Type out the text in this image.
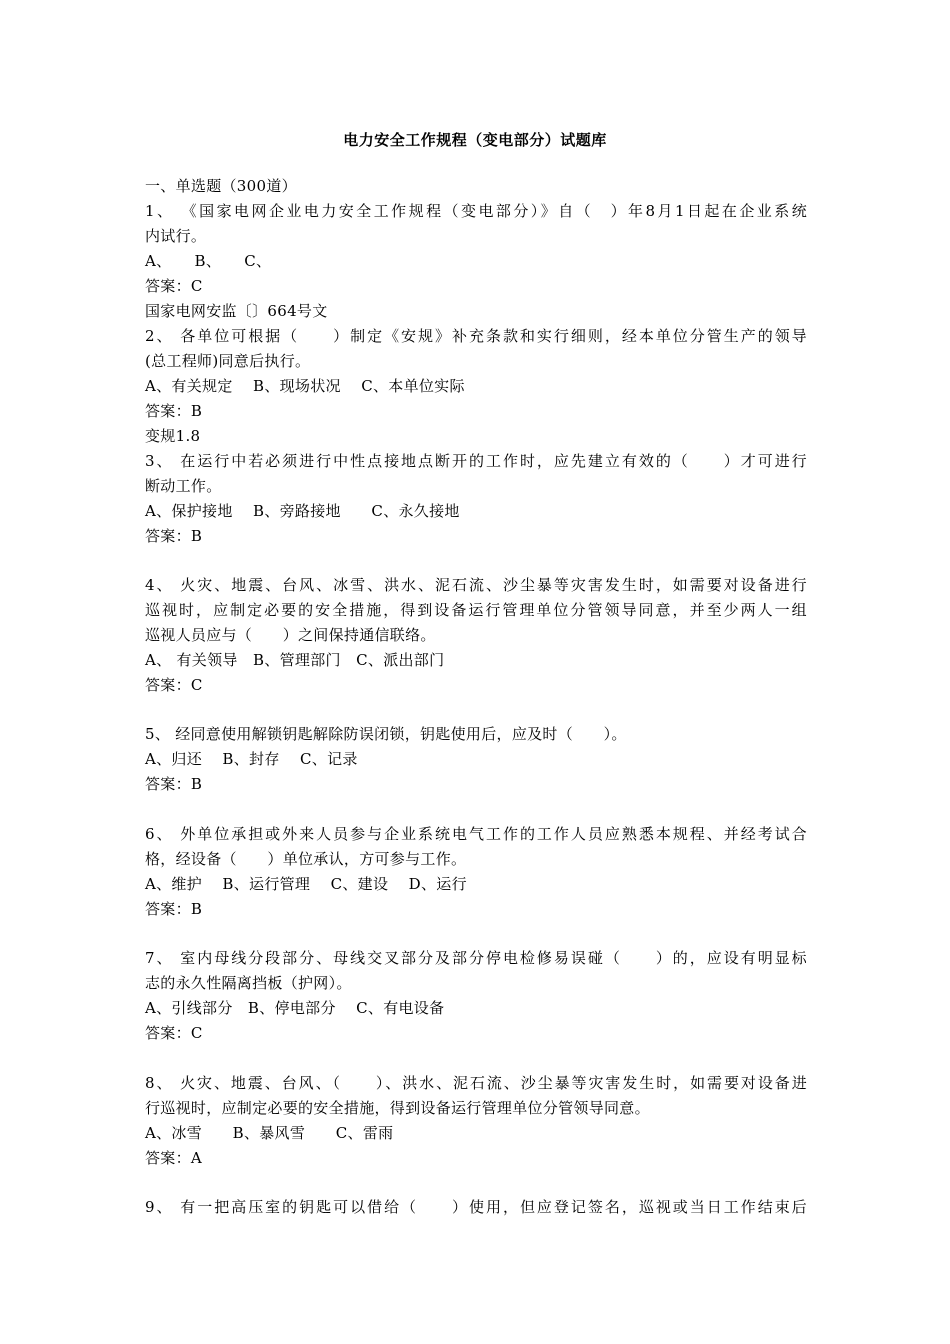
电力安全工作规程（变电部分）试题库
一、单选题（300道）
1、 《国家电网企业电力安全工作规程（变电部分）》自（　）年8月1日起在企业系统
内试行。
A、　　B、　　C、
答案：C
国家电网安监〔〕664号文
2、 各单位可根据（　　）制定《安规》补充条款和实行细则，经本单位分管生产的领导
(总工程师)同意后执行。
A、有关规定　 B、现场状况　 C、本单位实际
答案：B
变规1.8
3、 在运行中若必须进行中性点接地点断开的工作时，应先建立有效的（　　）才可进行
断动工作。
A、保护接地　 B、旁路接地　　C、永久接地
答案：B
4、 火灾、地震、台风、冰雪、洪水、泥石流、沙尘暴等灾害发生时，如需要对设备进行
巡视时，应制定必要的安全措施，得到设备运行管理单位分管领导同意，并至少两人一组
巡视人员应与（　　）之间保持通信联络。
A、 有关领导　B、管理部门　C、派出部门
答案：C
5、 经同意使用解锁钥匙解除防误闭锁，钥匙使用后，应及时（　　）。
A、归还　 B、封存　 C、记录
答案：B
6、 外单位承担或外来人员参与企业系统电气工作的工作人员应熟悉本规程、并经考试合
格，经设备（　　）单位承认，方可参与工作。
A、维护　 B、运行管理　 C、建设　 D、运行
答案：B
7、 室内母线分段部分、母线交叉部分及部分停电检修易误碰（　　）的，应设有明显标
志的永久性隔离挡板（护网）。
A、引线部分　B、停电部分　 C、有电设备
答案：C
8、 火灾、地震、台风、（　　）、洪水、泥石流、沙尘暴等灾害发生时，如需要对设备进
行巡视时，应制定必要的安全措施，得到设备运行管理单位分管领导同意。
A、冰雪　　B、暴风雪　　C、雷雨
答案：A
9、 有一把高压室的钥匙可以借给（　　）使用，但应登记签名，巡视或当日工作结束后
